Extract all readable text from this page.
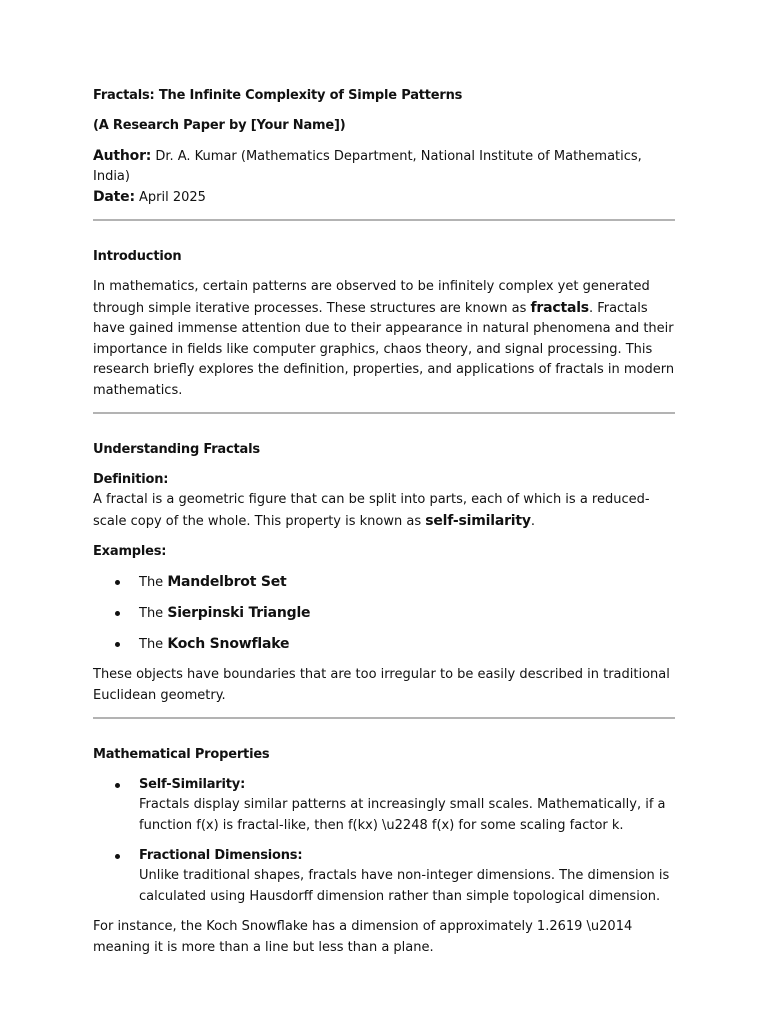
Fractals: The Infinite Complexity of Simple Patterns

(A Research Paper by [Your Name])

Author: Dr. A. Kumar (Mathematics Department, National Institute of Mathematics, India)

Date: April 2025

Introduction

In mathematics, certain patterns are observed to be infinitely complex yet generated through simple iterative processes. These structures are known as fractals. Fractals have gained immense attention due to their appearance in natural phenomena and their importance in fields like computer graphics, chaos theory, and signal processing. This research briefly explores the definition, properties, and applications of fractals in modern mathematics.

Understanding Fractals

Definition:

A fractal is a geometric figure that can be split into parts, each of which is a reduced-scale copy of the whole. This property is known as self-similarity.

Examples:

The Mandelbrot Set
The Sierpinski Triangle
The Koch Snowflake

These objects have boundaries that are too irregular to be easily described in traditional Euclidean geometry.

Mathematical Properties

Self-Similarity:
Fractals display similar patterns at increasingly small scales. Mathematically, if a function f(x) is fractal-like, then f(kx) \u2248 f(x) for some scaling factor k.
Fractional Dimensions:
Unlike traditional shapes, fractals have non-integer dimensions. The dimension is calculated using Hausdorff dimension rather than simple topological dimension.

For instance, the Koch Snowflake has a dimension of approximately 1.2619 \u2014 meaning it is more than a line but less than a plane.
